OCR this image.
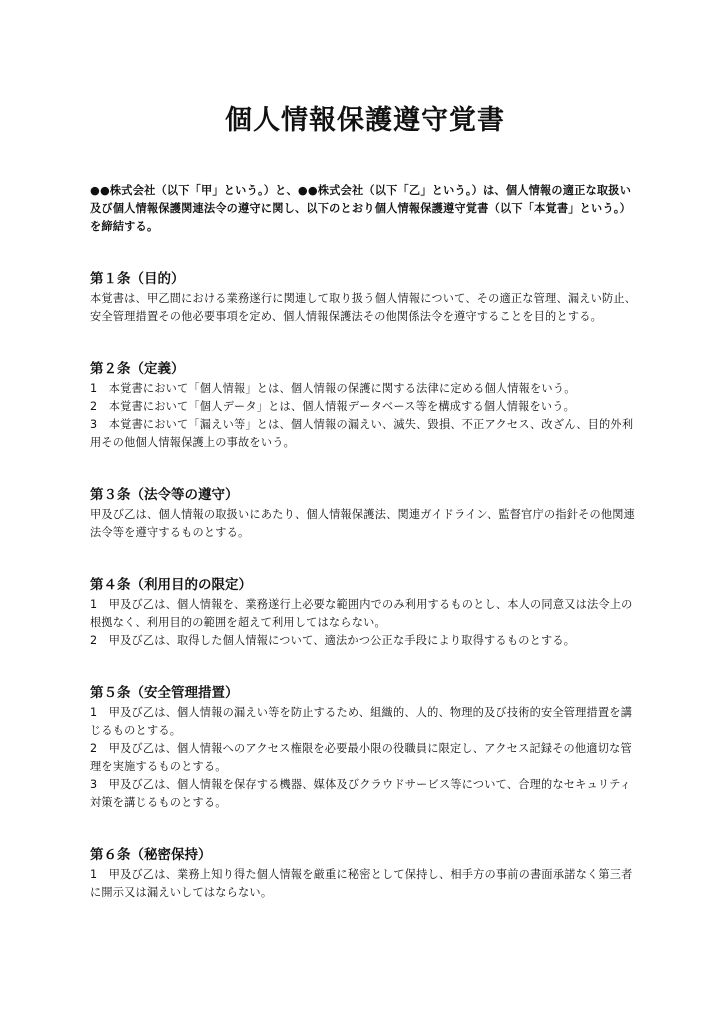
個人情報保護遵守覚書

●●株式会社（以下「甲」という。）と、●●株式会社（以下「乙」という。）は、個人情報の適正な取扱い及び個人情報保護関連法令の遵守に関し、以下のとおり個人情報保護遵守覚書（以下「本覚書」という。）を締結する。

第１条（目的）

本覚書は、甲乙間における業務遂行に関連して取り扱う個人情報について、その適正な管理、漏えい防止、安全管理措置その他必要事項を定め、個人情報保護法その他関係法令を遵守することを目的とする。

第２条（定義）

1　本覚書において「個人情報」とは、個人情報の保護に関する法律に定める個人情報をいう。

2　本覚書において「個人データ」とは、個人情報データベース等を構成する個人情報をいう。

3　本覚書において「漏えい等」とは、個人情報の漏えい、滅失、毀損、不正アクセス、改ざん、目的外利用その他個人情報保護上の事故をいう。

第３条（法令等の遵守）

甲及び乙は、個人情報の取扱いにあたり、個人情報保護法、関連ガイドライン、監督官庁の指針その他関連法令等を遵守するものとする。

第４条（利用目的の限定）

1　甲及び乙は、個人情報を、業務遂行上必要な範囲内でのみ利用するものとし、本人の同意又は法令上の根拠なく、利用目的の範囲を超えて利用してはならない。

2　甲及び乙は、取得した個人情報について、適法かつ公正な手段により取得するものとする。

第５条（安全管理措置）

1　甲及び乙は、個人情報の漏えい等を防止するため、組織的、人的、物理的及び技術的安全管理措置を講じるものとする。

2　甲及び乙は、個人情報へのアクセス権限を必要最小限の役職員に限定し、アクセス記録その他適切な管理を実施するものとする。

3　甲及び乙は、個人情報を保存する機器、媒体及びクラウドサービス等について、合理的なセキュリティ対策を講じるものとする。

第６条（秘密保持）

1　甲及び乙は、業務上知り得た個人情報を厳重に秘密として保持し、相手方の事前の書面承諾なく第三者に開示又は漏えいしてはならない。
